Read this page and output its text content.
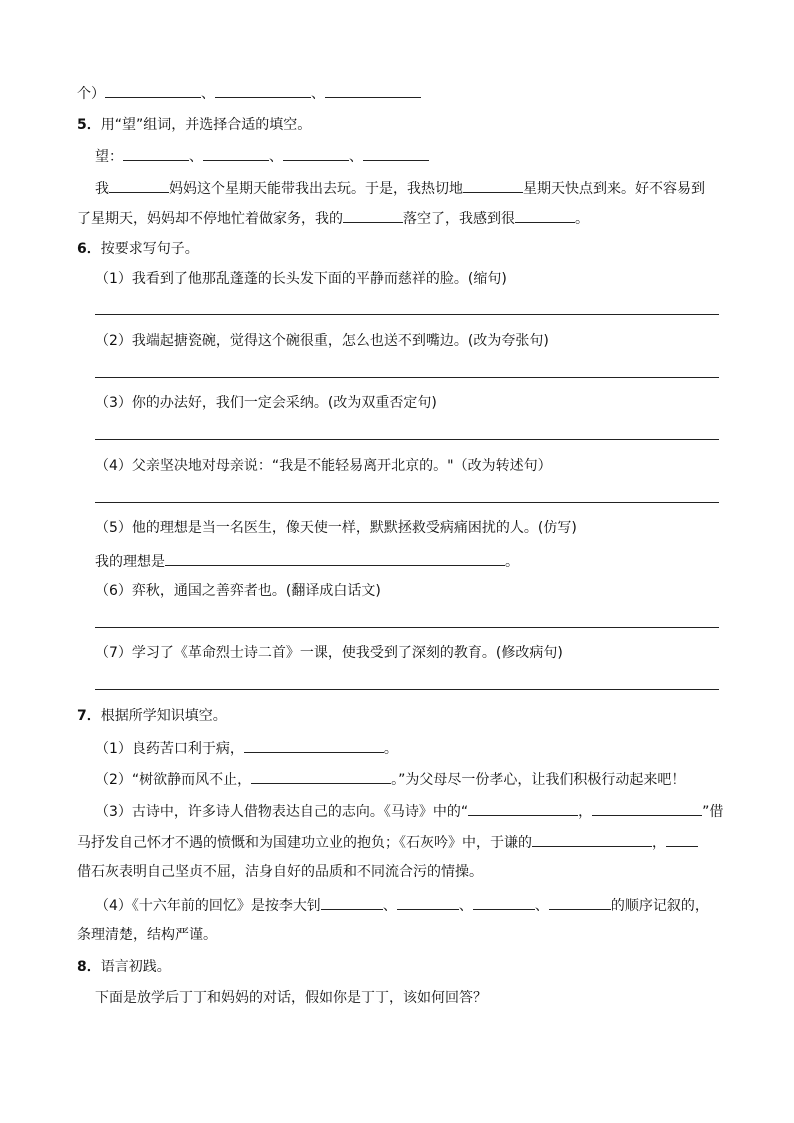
个）	、	、
5．用“望”组词，并选择合适的填空。
望：	、	、	、
我	妈妈这个星期天能带我出去玩。于是，我热切地	星期天快点到来。好不容易到
了星期天，妈妈却不停地忙着做家务，我的	落空了，我感到很	。
6．按要求写句子。
（1）我看到了他那乱蓬蓬的长头发下面的平静而慈祥的脸。(缩句)
（2）我端起搪瓷碗，觉得这个碗很重，怎么也送不到嘴边。(改为夸张句)
（3）你的办法好，我们一定会采纳。(改为双重否定句)
（4）父亲坚决地对母亲说：“我是不能轻易离开北京的。"（改为转述句）
（5）他的理想是当一名医生，像天使一样，默默拯救受病痛困扰的人。(仿写)
我的理想是	。
（6）弈秋，通国之善弈者也。(翻译成白话文)
（7）学习了《革命烈士诗二首》一课，使我受到了深刻的教育。(修改病句)
7．根据所学知识填空。
（1）良药苦口利于病，	。
（2）“树欲静而风不止，	。”为父母尽一份孝心，让我们积极行动起来吧！
（3）古诗中，许多诗人借物表达自己的志向。《马诗》中的“	，	”借
马抒发自己怀才不遇的愤慨和为国建功立业的抱负；《石灰吟》中，于谦的	，
借石灰表明自己坚贞不屈，洁身自好的品质和不同流合污的情操。
（4）《十六年前的回忆》是按李大钊	、	、	、	的顺序记叙的，
条理清楚，结构严谨。
8．语言初践。
下面是放学后丁丁和妈妈的对话，假如你是丁丁，该如何回答？
